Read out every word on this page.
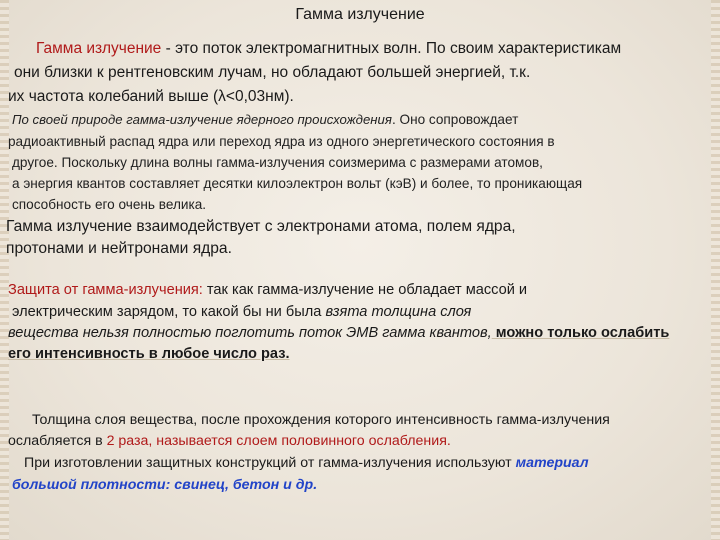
Гамма излучение
Гамма излучение - это поток электромагнитных волн. По своим характеристикам
они близки к рентгеновским лучам, но обладают большей энергией, т.к.
их частота колебаний выше (λ<0,03нм).
По своей природе гамма-излучение ядерного происхождения. Оно сопровождает
радиоактивный распад ядра или переход ядра из одного энергетического состояния в
другое. Поскольку длина волны гамма-излучения соизмерима с размерами атомов,
а энергия квантов составляет десятки килоэлектрон вольт (кэВ) и более, то проникающая
способность его очень велика.
Гамма излучение взаимодействует с электронами атома, полем ядра,
протонами и нейтронами ядра.
Защита от гамма-излучения: так как гамма-излучение не обладает массой и
электрическим зарядом, то какой бы ни была взята толщина слоя
вещества нельзя полностью поглотить поток ЭМВ гамма квантов, можно только ослабить
его интенсивность в любое число раз.
Толщина слоя вещества, после прохождения которого интенсивность гамма-излучения
ослабляется в 2 раза, называется слоем половинного ослабления.
При изготовлении защитных конструкций от гамма-излучения используют материал
большой плотности: свинец, бетон и др.
